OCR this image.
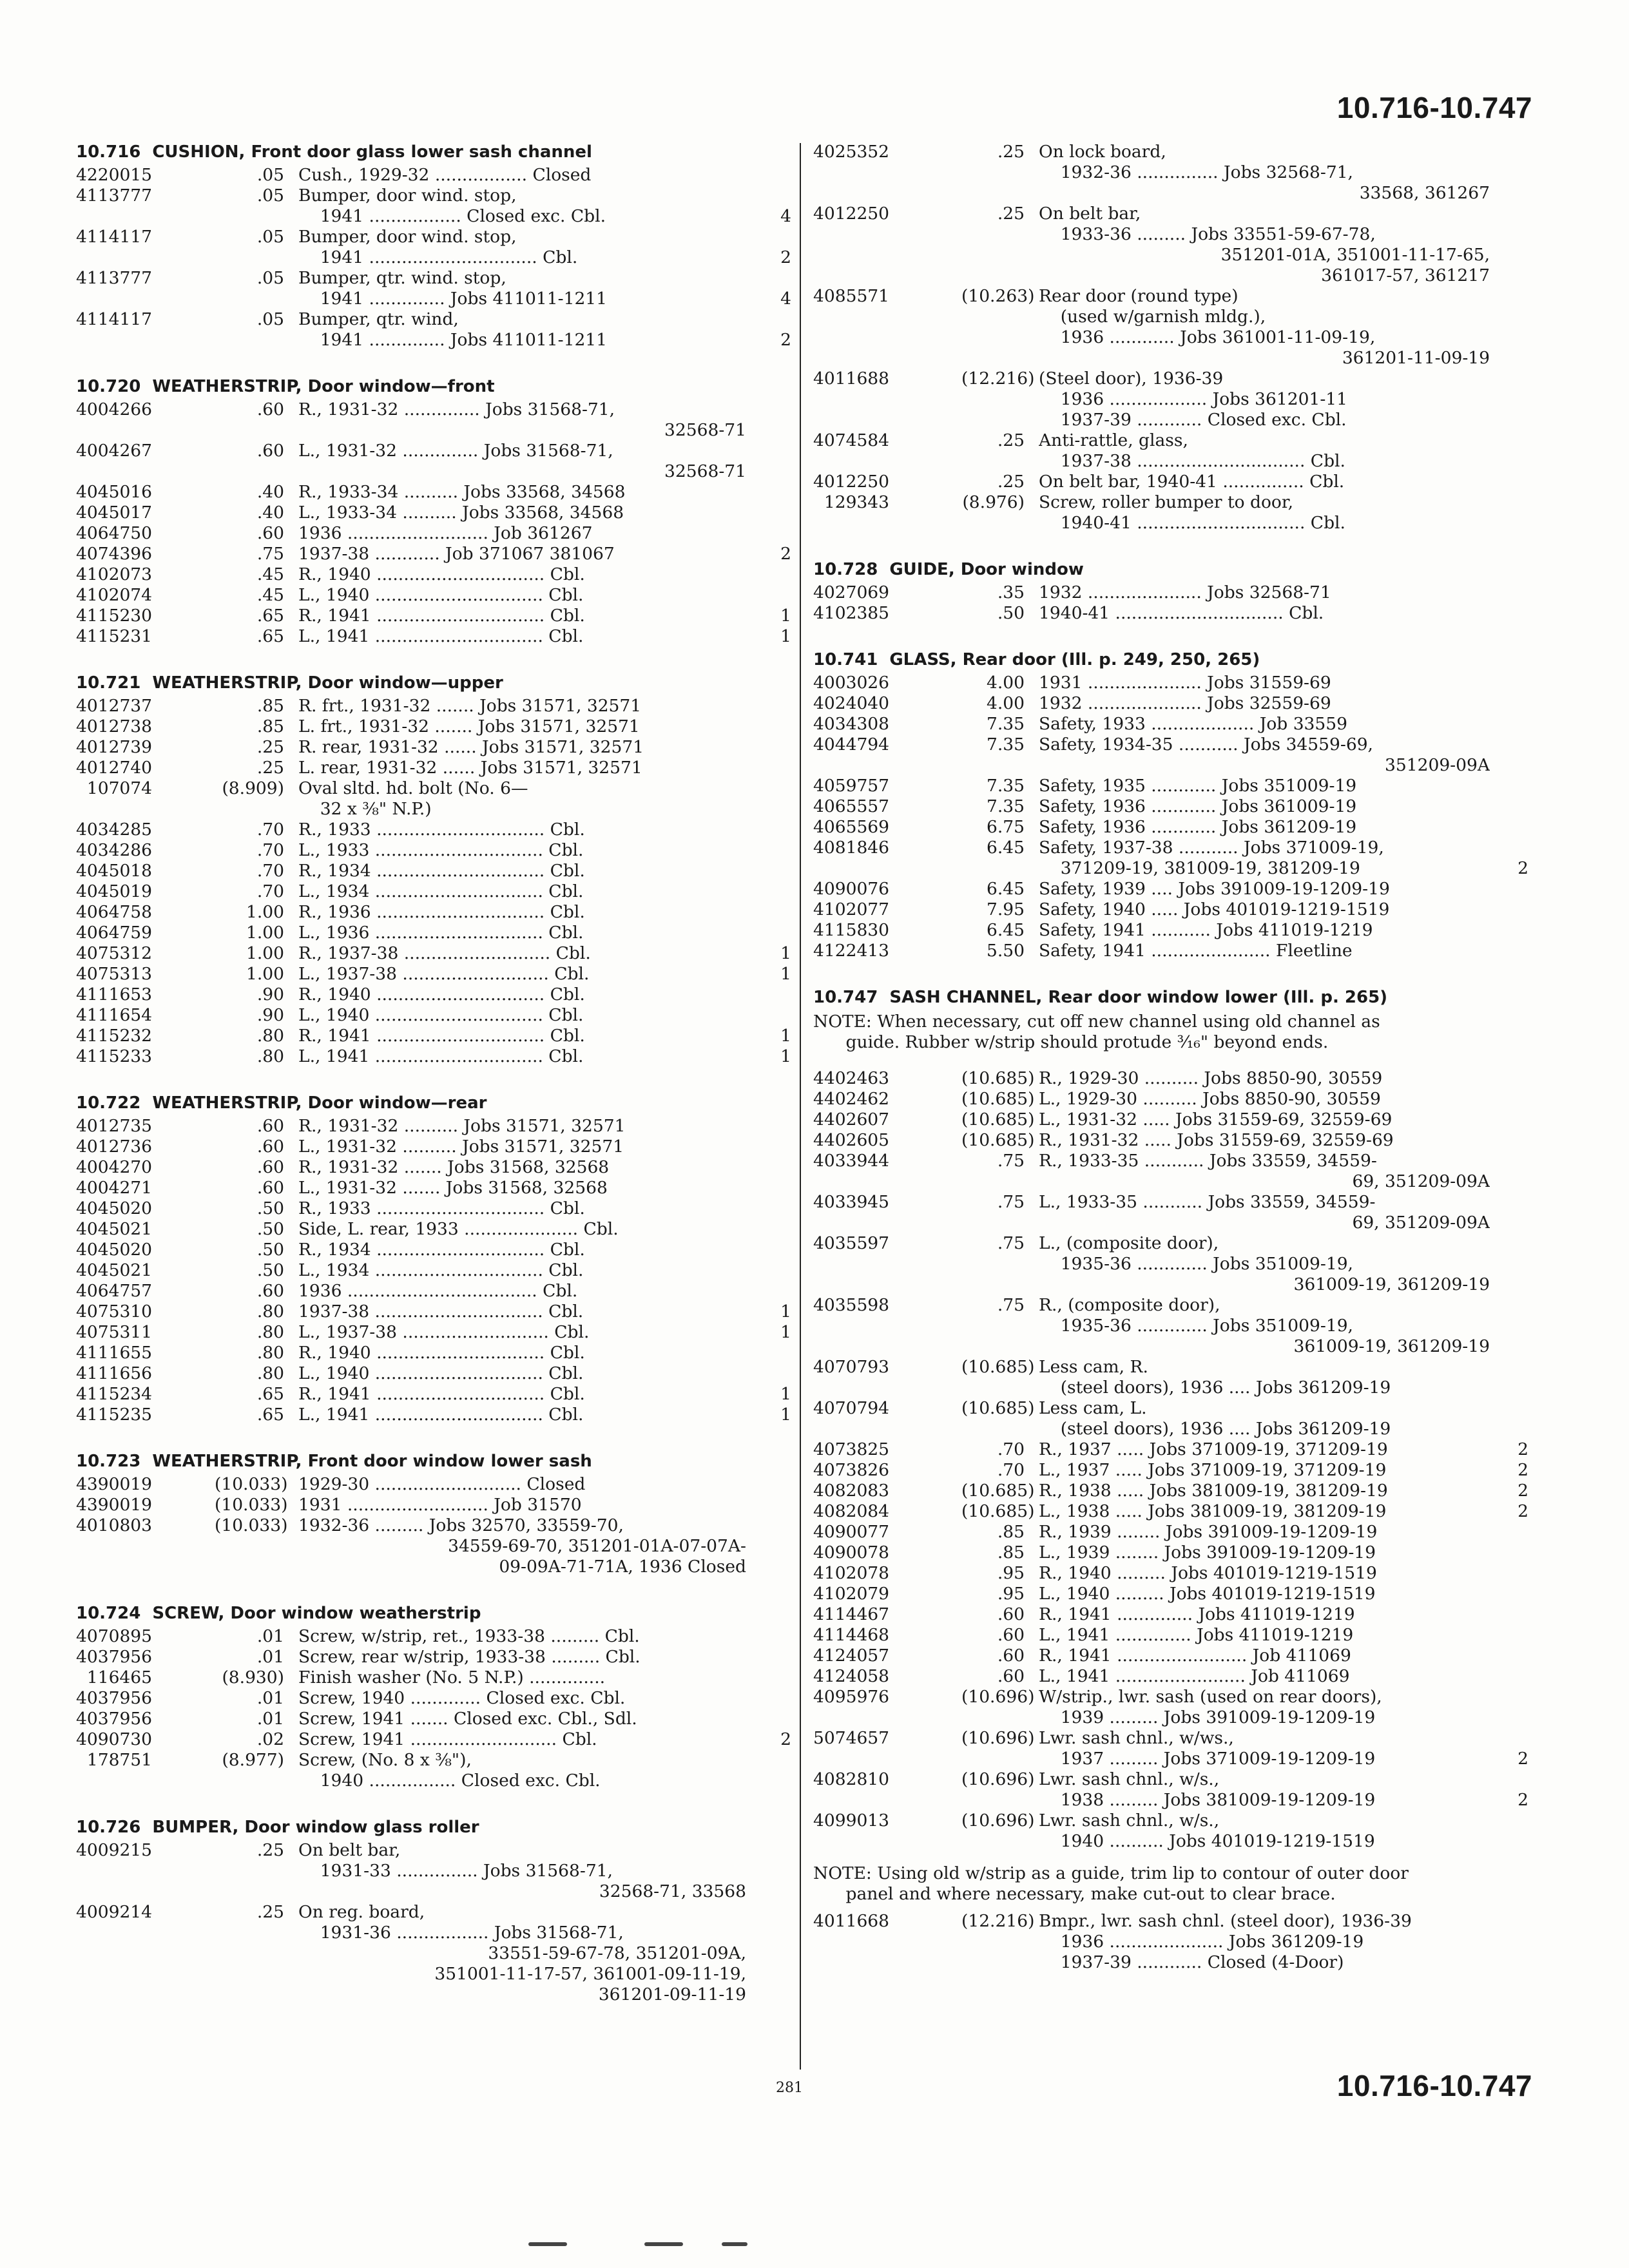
10.716-10.747
10.716 CUSHION, Front door glass lower sash channel
4220015	.05 Cush., 1929-32 ................. Closed
4113777	.05 Bumper, door wind. stop,
1941 ................. Closed exc. Cbl.	4
4114117	.05 Bumper, door wind. stop,
1941 ............................... Cbl.	2
4113777	.05 Bumper, qtr. wind. stop,
1941 .............. Jobs 411011-1211	4
4114117	.05 Bumper, qtr. wind,
1941 .............. Jobs 411011-1211	2
10.720 WEATHERSTRIP, Door window—front
4004266	.60 R., 1931-32 .............. Jobs 31568-71,
32568-71
4004267	.60 L., 1931-32 .............. Jobs 31568-71,
32568-71
4045016	.40 R., 1933-34 .......... Jobs 33568, 34568
4045017	.40 L., 1933-34 .......... Jobs 33568, 34568
4064750	.60 1936 .......................... Job 361267
4074396	.75 1937-38 ............ Job 371067 381067	2
4102073	.45 R., 1940 ............................... Cbl.
4102074	.45 L., 1940 ............................... Cbl.
4115230	.65 R., 1941 ............................... Cbl.	1
4115231	.65 L., 1941 ............................... Cbl.	1
10.721 WEATHERSTRIP, Door window—upper
4012737	.85 R. frt., 1931-32 ....... Jobs 31571, 32571
4012738	.85 L. frt., 1931-32 ....... Jobs 31571, 32571
4012739	.25 R. rear, 1931-32 ...... Jobs 31571, 32571
4012740	.25 L. rear, 1931-32 ...... Jobs 31571, 32571
107074	(8.909) Oval sltd. hd. bolt (No. 6—
32 x ⅜" N.P.)
4034285	.70 R., 1933 ............................... Cbl.
4034286	.70 L., 1933 ............................... Cbl.
4045018	.70 R., 1934 ............................... Cbl.
4045019	.70 L., 1934 ............................... Cbl.
4064758	1.00 R., 1936 ............................... Cbl.
4064759	1.00 L., 1936 ............................... Cbl.
4075312	1.00 R., 1937-38 ........................... Cbl.	1
4075313	1.00 L., 1937-38 ........................... Cbl.	1
4111653	.90 R., 1940 ............................... Cbl.
4111654	.90 L., 1940 ............................... Cbl.
4115232	.80 R., 1941 ............................... Cbl.	1
4115233	.80 L., 1941 ............................... Cbl.	1
10.722 WEATHERSTRIP, Door window—rear
4012735	.60 R., 1931-32 .......... Jobs 31571, 32571
4012736	.60 L., 1931-32 .......... Jobs 31571, 32571
4004270	.60 R., 1931-32 ....... Jobs 31568, 32568
4004271	.60 L., 1931-32 ....... Jobs 31568, 32568
4045020	.50 R., 1933 ............................... Cbl.
4045021	.50 Side, L. rear, 1933 ..................... Cbl.
4045020	.50 R., 1934 ............................... Cbl.
4045021	.50 L., 1934 ............................... Cbl.
4064757	.60 1936 ................................... Cbl.
4075310	.80 1937-38 ............................... Cbl.	1
4075311	.80 L., 1937-38 ........................... Cbl.	1
4111655	.80 R., 1940 ............................... Cbl.
4111656	.80 L., 1940 ............................... Cbl.
4115234	.65 R., 1941 ............................... Cbl.	1
4115235	.65 L., 1941 ............................... Cbl.	1
10.723 WEATHERSTRIP, Front door window lower sash
4390019	(10.033) 1929-30 ........................... Closed
4390019	(10.033) 1931 .......................... Job 31570
4010803	(10.033) 1932-36 ......... Jobs 32570, 33559-70,
34559-69-70, 351201-01A-07-07A-
09-09A-71-71A, 1936 Closed
10.724 SCREW, Door window weatherstrip
4070895	.01 Screw, w/strip, ret., 1933-38 ......... Cbl.
4037956	.01 Screw, rear w/strip, 1933-38 ......... Cbl.
116465	(8.930) Finish washer (No. 5 N.P.) ..............
4037956	.01 Screw, 1940 ............. Closed exc. Cbl.
4037956	.01 Screw, 1941 ....... Closed exc. Cbl., Sdl.
4090730	.02 Screw, 1941 ........................... Cbl.	2
178751	(8.977) Screw, (No. 8 x ⅜"),
1940 ................ Closed exc. Cbl.
10.726 BUMPER, Door window glass roller
4009215	.25 On belt bar,
1931-33 ............... Jobs 31568-71,
32568-71, 33568
4009214	.25 On reg. board,
1931-36 ................. Jobs 31568-71,
33551-59-67-78, 351201-09A,
351001-11-17-57, 361001-09-11-19,
361201-09-11-19
4025352	.25 On lock board,
1932-36 ............... Jobs 32568-71,
33568, 361267
4012250	.25 On belt bar,
1933-36 ......... Jobs 33551-59-67-78,
351201-01A, 351001-11-17-65,
361017-57, 361217
4085571	(10.263) Rear door (round type)
(used w/garnish mldg.),
1936 ............ Jobs 361001-11-09-19,
361201-11-09-19
4011688	(12.216) (Steel door), 1936-39
1936 .................. Jobs 361201-11
1937-39 ............ Closed exc. Cbl.
4074584	.25 Anti-rattle, glass,
1937-38 ............................... Cbl.
4012250	.25 On belt bar, 1940-41 ............... Cbl.
129343	(8.976) Screw, roller bumper to door,
1940-41 ............................... Cbl.
10.728 GUIDE, Door window
4027069	.35 1932 ..................... Jobs 32568-71
4102385	.50 1940-41 ............................... Cbl.
10.741 GLASS, Rear door (Ill. p. 249, 250, 265)
4003026	4.00 1931 ..................... Jobs 31559-69
4024040	4.00 1932 ..................... Jobs 32559-69
4034308	7.35 Safety, 1933 ................... Job 33559
4044794	7.35 Safety, 1934-35 ........... Jobs 34559-69,
351209-09A
4059757	7.35 Safety, 1935 ............ Jobs 351009-19
4065557	7.35 Safety, 1936 ............ Jobs 361009-19
4065569	6.75 Safety, 1936 ............ Jobs 361209-19
4081846	6.45 Safety, 1937-38 ........... Jobs 371009-19,
371209-19, 381009-19, 381209-19	2
4090076	6.45 Safety, 1939 .... Jobs 391009-19-1209-19
4102077	7.95 Safety, 1940 ..... Jobs 401019-1219-1519
4115830	6.45 Safety, 1941 ........... Jobs 411019-1219
4122413	5.50 Safety, 1941 ...................... Fleetline
10.747 SASH CHANNEL, Rear door window lower (Ill. p. 265)
NOTE: When necessary, cut off new channel using old channel as
guide. Rubber w/strip should protude ³⁄₁₆" beyond ends.
4402463	(10.685) R., 1929-30 .......... Jobs 8850-90, 30559
4402462	(10.685) L., 1929-30 .......... Jobs 8850-90, 30559
4402607	(10.685) L., 1931-32 ..... Jobs 31559-69, 32559-69
4402605	(10.685) R., 1931-32 ..... Jobs 31559-69, 32559-69
4033944	.75 R., 1933-35 ........... Jobs 33559, 34559-
69, 351209-09A
4033945	.75 L., 1933-35 ........... Jobs 33559, 34559-
69, 351209-09A
4035597	.75 L., (composite door),
1935-36 ............. Jobs 351009-19,
361009-19, 361209-19
4035598	.75 R., (composite door),
1935-36 ............. Jobs 351009-19,
361009-19, 361209-19
4070793	(10.685) Less cam, R.
(steel doors), 1936 .... Jobs 361209-19
4070794	(10.685) Less cam, L.
(steel doors), 1936 .... Jobs 361209-19
4073825	.70 R., 1937 ..... Jobs 371009-19, 371209-19	2
4073826	.70 L., 1937 ..... Jobs 371009-19, 371209-19	2
4082083	(10.685) R., 1938 ..... Jobs 381009-19, 381209-19	2
4082084	(10.685) L., 1938 ..... Jobs 381009-19, 381209-19	2
4090077	.85 R., 1939 ........ Jobs 391009-19-1209-19
4090078	.85 L., 1939 ........ Jobs 391009-19-1209-19
4102078	.95 R., 1940 ......... Jobs 401019-1219-1519
4102079	.95 L., 1940 ......... Jobs 401019-1219-1519
4114467	.60 R., 1941 .............. Jobs 411019-1219
4114468	.60 L., 1941 .............. Jobs 411019-1219
4124057	.60 R., 1941 ........................ Job 411069
4124058	.60 L., 1941 ........................ Job 411069
4095976	(10.696) W/strip., lwr. sash (used on rear doors),
1939 ......... Jobs 391009-19-1209-19
5074657	(10.696) Lwr. sash chnl., w/ws.,
1937 ......... Jobs 371009-19-1209-19	2
4082810	(10.696) Lwr. sash chnl., w/s.,
1938 ......... Jobs 381009-19-1209-19	2
4099013	(10.696) Lwr. sash chnl., w/s.,
1940 .......... Jobs 401019-1219-1519
NOTE: Using old w/strip as a guide, trim lip to contour of outer door
panel and where necessary, make cut-out to clear brace.
4011668	(12.216) Bmpr., lwr. sash chnl. (steel door), 1936-39
1936 ..................... Jobs 361209-19
1937-39 ............ Closed (4-Door)
281	10.716-10.747
